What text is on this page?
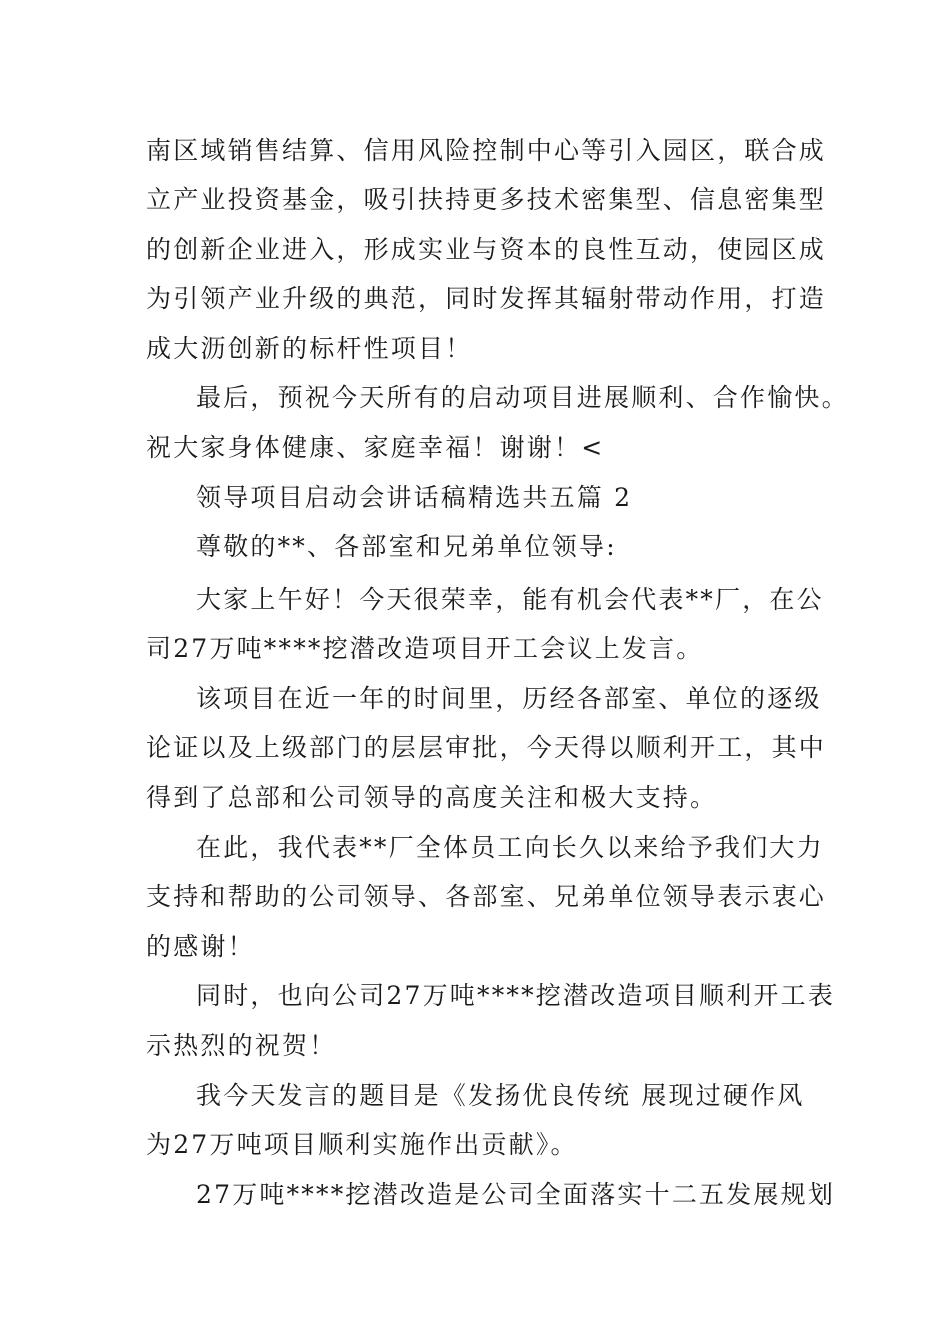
南区域销售结算、信用风险控制中心等引入园区，联合成
立产业投资基金，吸引扶持更多技术密集型、信息密集型
的创新企业进入，形成实业与资本的良性互动，使园区成
为引领产业升级的典范，同时发挥其辐射带动作用，打造
成大沥创新的标杆性项目！
最后，预祝今天所有的启动项目进展顺利、合作愉快。
祝大家身体健康、家庭幸福！谢谢！<
领导项目启动会讲话稿精选共五篇 2
尊敬的**、各部室和兄弟单位领导:
大家上午好！今天很荣幸，能有机会代表**厂，在公
司27万吨****挖潜改造项目开工会议上发言。
该项目在近一年的时间里，历经各部室、单位的逐级
论证以及上级部门的层层审批，今天得以顺利开工，其中
得到了总部和公司领导的高度关注和极大支持。
在此，我代表**厂全体员工向长久以来给予我们大力
支持和帮助的公司领导、各部室、兄弟单位领导表示衷心
的感谢！
同时，也向公司27万吨****挖潜改造项目顺利开工表
示热烈的祝贺！
我今天发言的题目是《发扬优良传统 展现过硬作风
为27万吨项目顺利实施作出贡献》。
27万吨****挖潜改造是公司全面落实十二五发展规划
